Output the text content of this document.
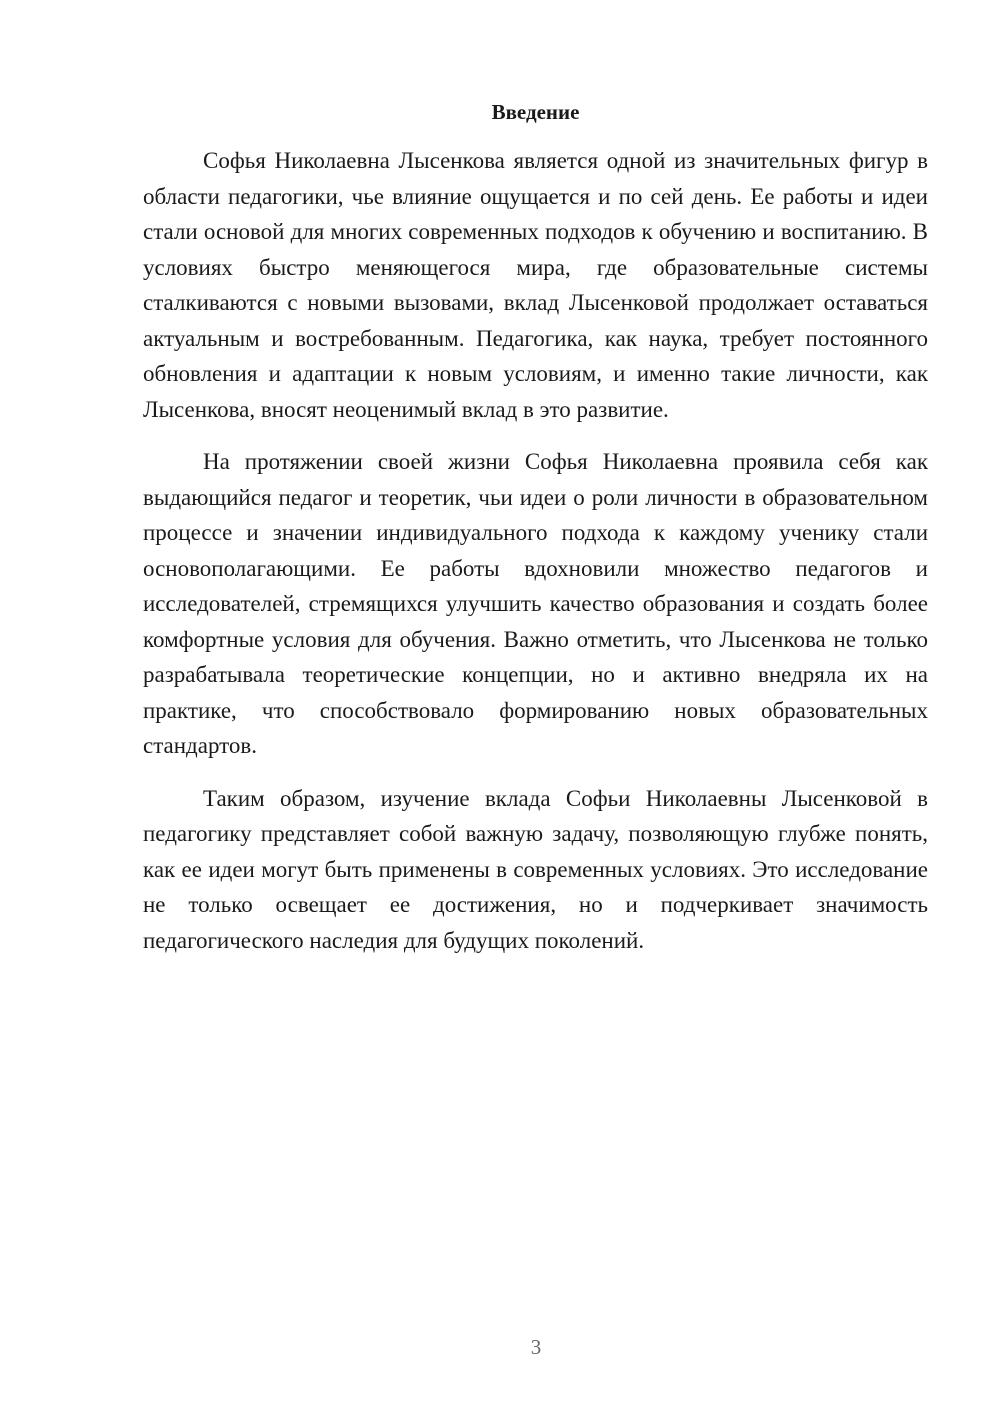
Введение

Софья Николаевна Лысенкова является одной из значительных фигур в области педагогики, чье влияние ощущается и по сей день. Ее работы и идеи стали основой для многих современных подходов к обучению и воспитанию. В условиях быстро меняющегося мира, где образовательные системы сталкиваются с новыми вызовами, вклад Лысенковой продолжает оставаться актуальным и востребованным. Педагогика, как наука, требует постоянного обновления и адаптации к новым условиям, и именно такие личности, как Лысенкова, вносят неоценимый вклад в это развитие.

На протяжении своей жизни Софья Николаевна проявила себя как выдающийся педагог и теоретик, чьи идеи о роли личности в образовательном процессе и значении индивидуального подхода к каждому ученику стали основополагающими. Ее работы вдохновили множество педагогов и исследователей, стремящихся улучшить качество образования и создать более комфортные условия для обучения. Важно отметить, что Лысенкова не только разрабатывала теоретические концепции, но и активно внедряла их на практике, что способствовало формированию новых образовательных стандартов.

Таким образом, изучение вклада Софьи Николаевны Лысенковой в педагогику представляет собой важную задачу, позволяющую глубже понять, как ее идеи могут быть применены в современных условиях. Это исследование не только освещает ее достижения, но и подчеркивает значимость педагогического наследия для будущих поколений.

3
